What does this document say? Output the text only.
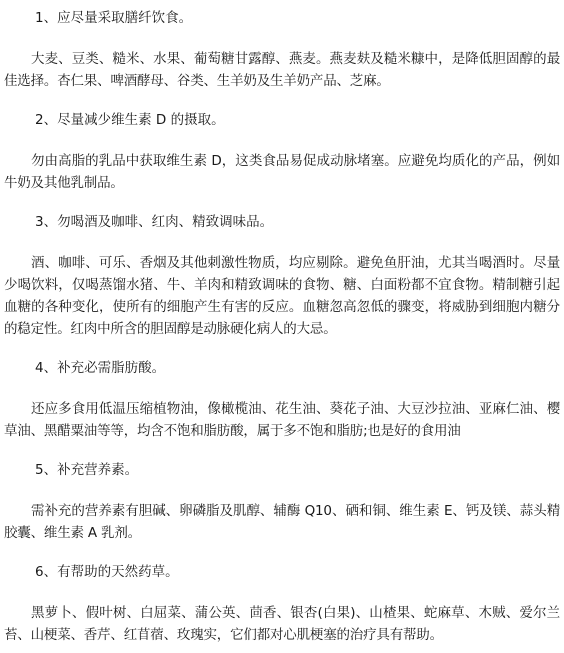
1、应尽量采取膳纤饮食。

大麦、豆类、糙米、水果、葡萄糖甘露醇、燕麦。燕麦麸及糙米糠中，是降低胆固醇的最佳选择。杏仁果、啤酒酵母、谷类、生羊奶及生羊奶产品、芝麻。

2、尽量减少维生素 D 的摄取。

勿由高脂的乳品中获取维生素 D，这类食品易促成动脉堵塞。应避免均质化的产品，例如牛奶及其他乳制品。

3、勿喝酒及咖啡、红肉、精致调味品。

酒、咖啡、可乐、香烟及其他刺激性物质，均应剔除。避免鱼肝油，尤其当喝酒时。尽量少喝饮料，仅喝蒸馏水猪、牛、羊肉和精致调味的食物、糖、白面粉都不宜食物。精制糖引起血糖的各种变化，使所有的细胞产生有害的反应。血糖忽高忽低的骤变，将威胁到细胞内糖分的稳定性。红肉中所含的胆固醇是动脉硬化病人的大忌。

4、补充必需脂肪酸。

还应多食用低温压缩植物油，像橄榄油、花生油、葵花子油、大豆沙拉油、亚麻仁油、樱草油、黑醋粟油等等，均含不饱和脂肪酸，属于多不饱和脂肪;也是好的食用油

5、补充营养素。

需补充的营养素有胆碱、卵磷脂及肌醇、辅酶 Q10、硒和铜、维生素 E、钙及镁、蒜头精胶囊、维生素 A 乳剂。

6、有帮助的天然药草。

黑萝卜、假叶树、白屈菜、蒲公英、茴香、银杏(白果)、山楂果、蛇麻草、木贼、爱尔兰苔、山梗菜、香芹、红苜蓿、玫瑰实，它们都对心肌梗塞的治疗具有帮助。
